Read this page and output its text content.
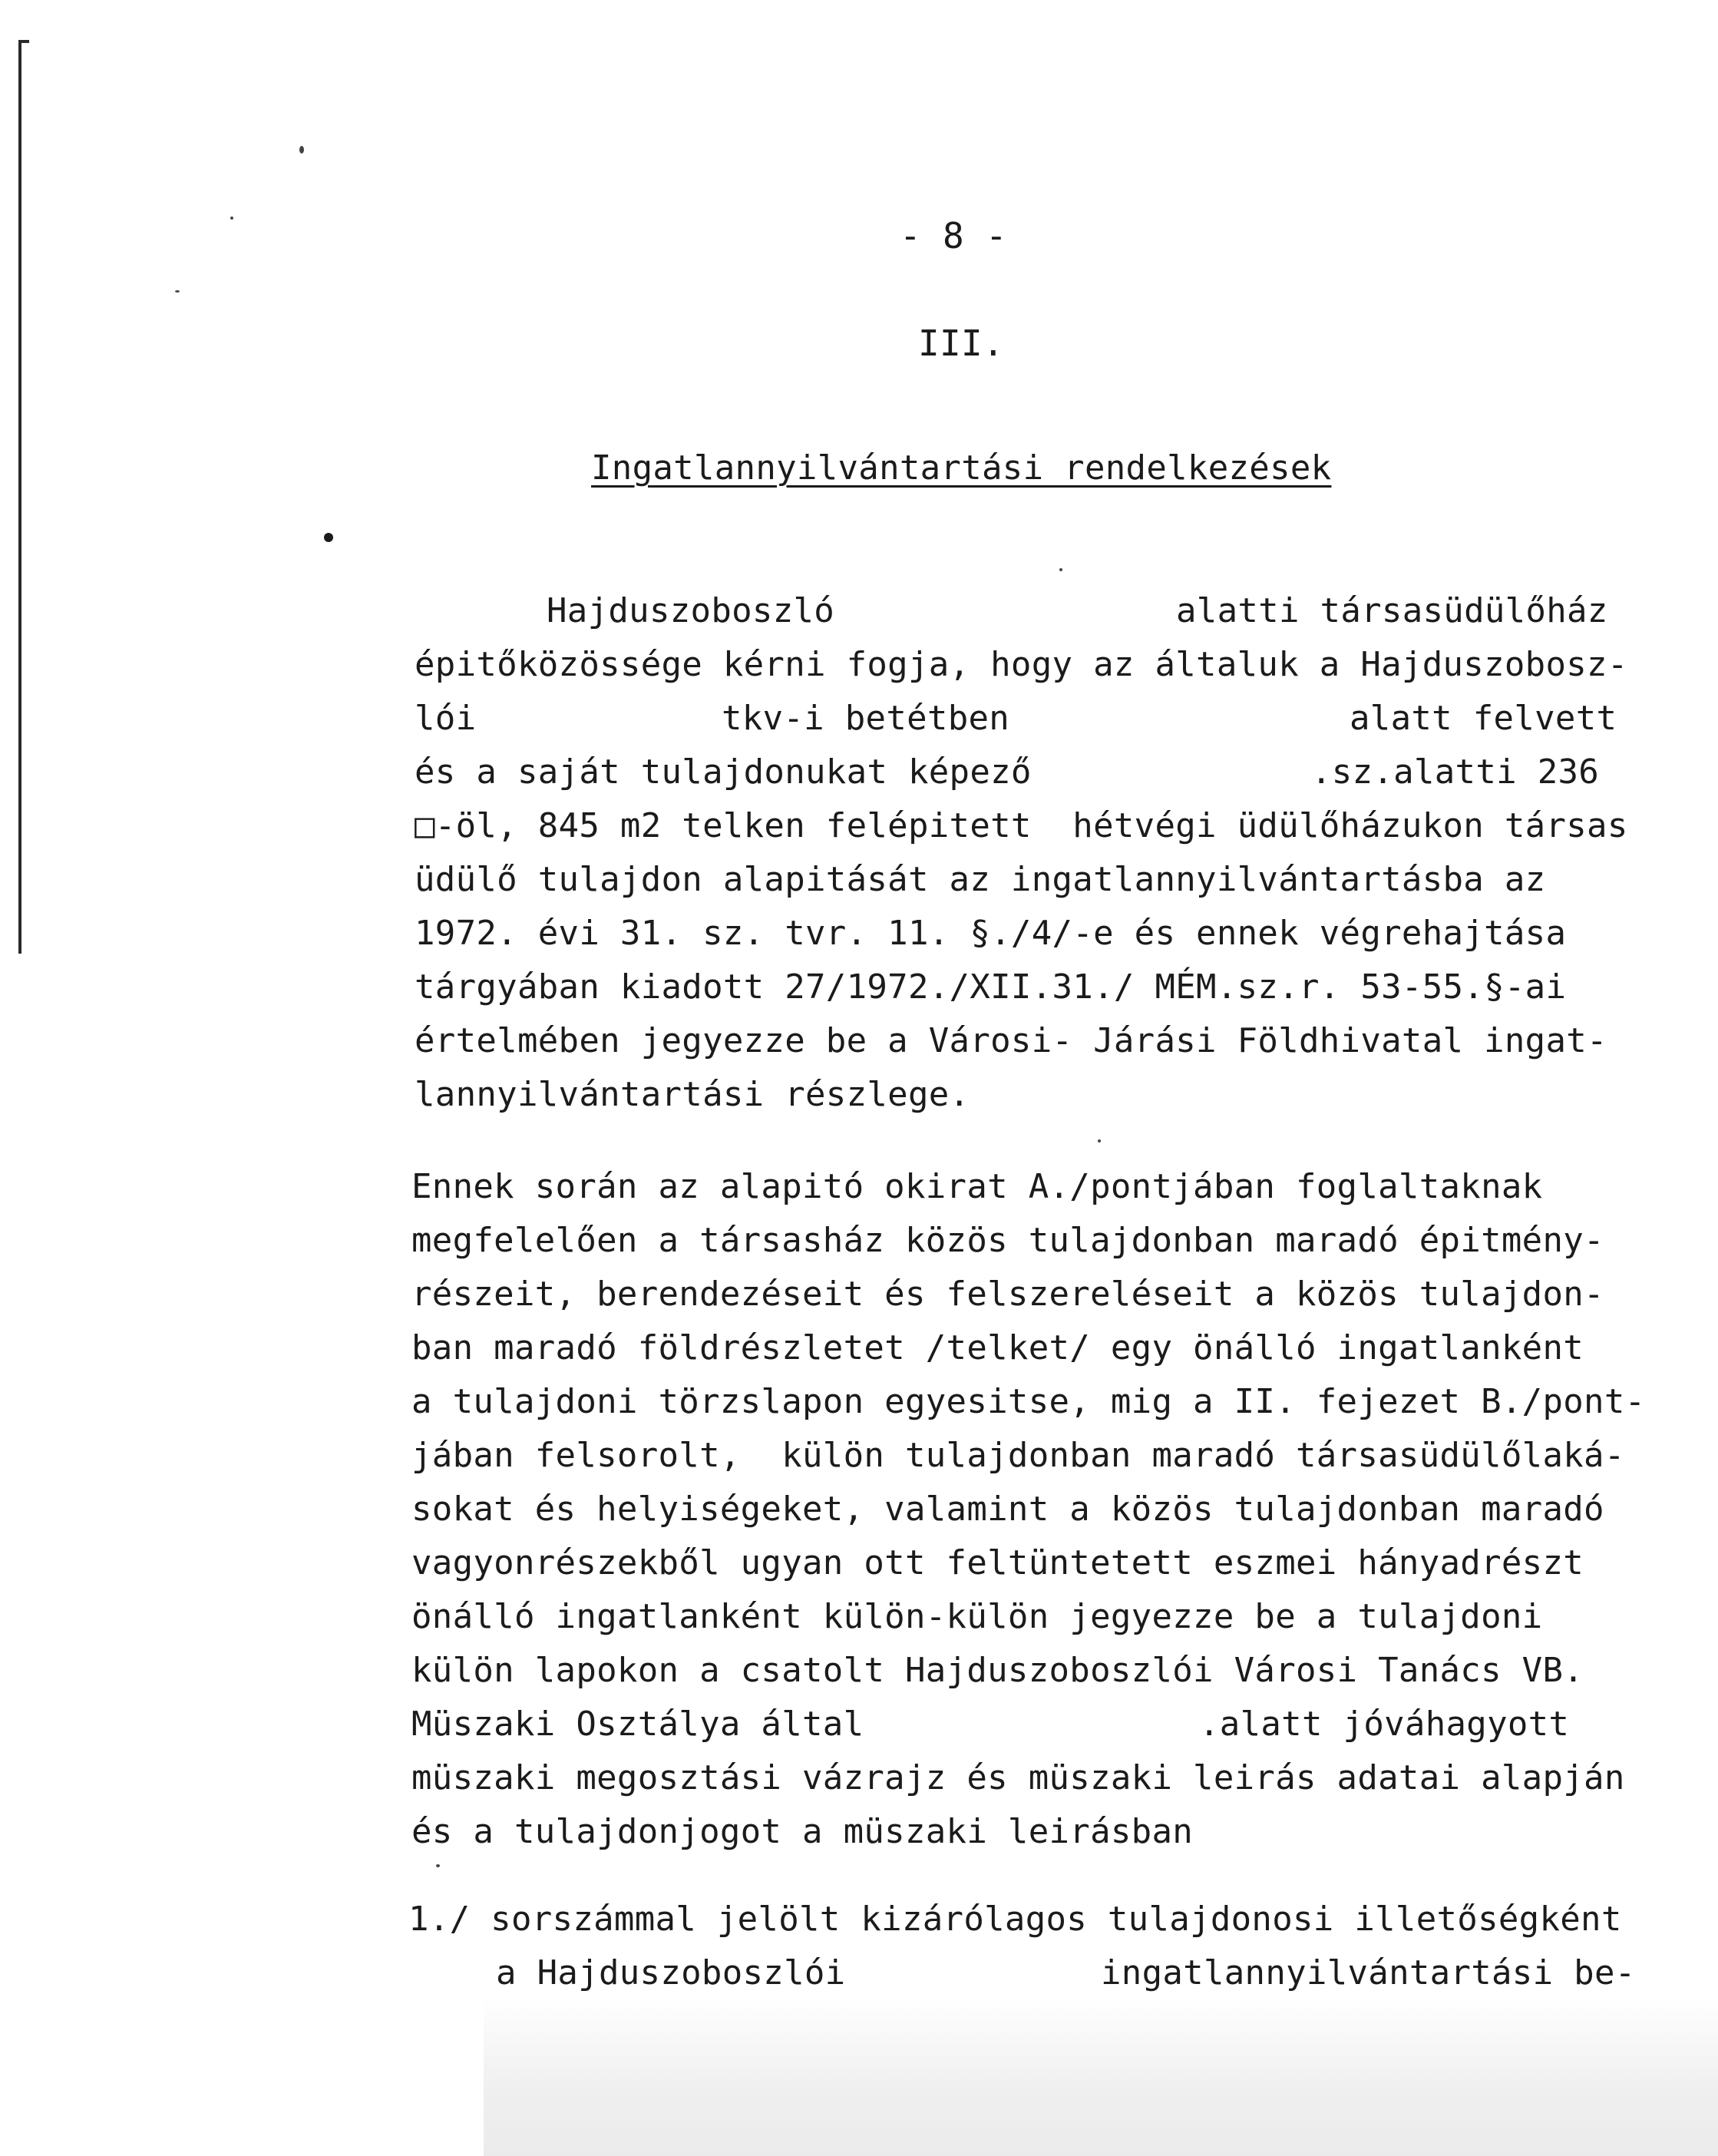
- 8 -
III.
Ingatlannyilvántartási rendelkezések
Hajduszoboszló	alatti társasüdülőház
épitőközössége kérni fogja, hogy az általuk a Hajduszobosz-
lói	tkv-i betétben	alatt felvett
és a saját tulajdonukat képező	.sz.alatti 236
□-öl, 845 m2 telken felépitett  hétvégi üdülőházukon társas
üdülő tulajdon alapitását az ingatlannyilvántartásba az
1972. évi 31. sz. tvr. 11. §./4/-e és ennek végrehajtása
tárgyában kiadott 27/1972./XII.31./ MÉM.sz.r. 53-55.§-ai
értelmében jegyezze be a Városi- Járási Földhivatal ingat-
lannyilvántartási részlege.
Ennek során az alapitó okirat A./pontjában foglaltaknak
megfelelően a társasház közös tulajdonban maradó épitmény-
részeit, berendezéseit és felszereléseit a közös tulajdon-
ban maradó földrészletet /telket/ egy önálló ingatlanként
a tulajdoni törzslapon egyesitse, mig a II. fejezet B./pont-
jában felsorolt,  külön tulajdonban maradó társasüdülőlaká-
sokat és helyiségeket, valamint a közös tulajdonban maradó
vagyonrészekből ugyan ott feltüntetett eszmei hányadrészt
önálló ingatlanként külön-külön jegyezze be a tulajdoni
külön lapokon a csatolt Hajduszoboszlói Városi Tanács VB.
Müszaki Osztálya által	.alatt jóváhagyott
müszaki megosztási vázrajz és müszaki leirás adatai alapján
és a tulajdonjogot a müszaki leirásban
1./ sorszámmal jelölt kizárólagos tulajdonosi illetőségként
a Hajduszoboszlói	ingatlannyilvántartási be-
